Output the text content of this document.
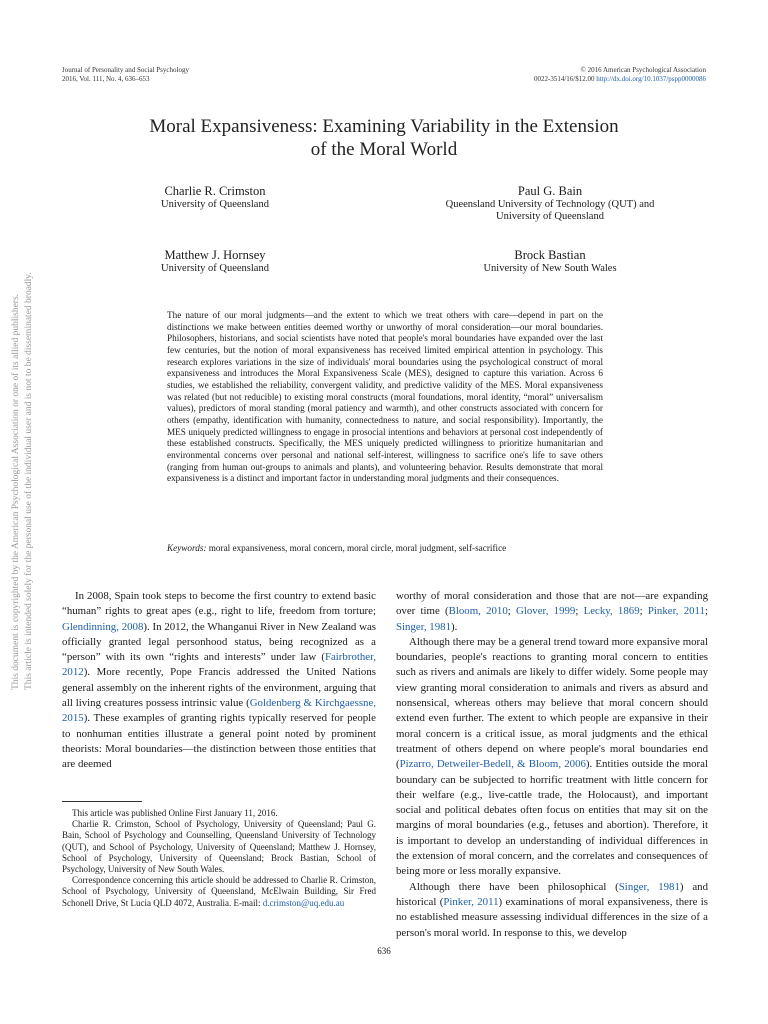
This document is copyrighted by the American Psychological Association or one of its allied publishers. This article is intended solely for the personal use of the individual user and is not to be disseminated broadly.
Journal of Personality and Social Psychology
2016, Vol. 111, No. 4, 636–653
© 2016 American Psychological Association
0022-3514/16/$12.00 http://dx.doi.org/10.1037/pspp0000086
Moral Expansiveness: Examining Variability in the Extension
of the Moral World
Charlie R. Crimston
University of Queensland
Paul G. Bain
Queensland University of Technology (QUT) and
University of Queensland
Matthew J. Hornsey
University of Queensland
Brock Bastian
University of New South Wales
The nature of our moral judgments—and the extent to which we treat others with care—depend in part on the distinctions we make between entities deemed worthy or unworthy of moral consideration—our moral boundaries. Philosophers, historians, and social scientists have noted that people's moral boundaries have expanded over the last few centuries, but the notion of moral expansiveness has received limited empirical attention in psychology. This research explores variations in the size of individuals' moral boundaries using the psychological construct of moral expansiveness and introduces the Moral Expansiveness Scale (MES), designed to capture this variation. Across 6 studies, we established the reliability, convergent validity, and predictive validity of the MES. Moral expansiveness was related (but not reducible) to existing moral constructs (moral foundations, moral identity, “moral” universalism values), predictors of moral standing (moral patiency and warmth), and other constructs associated with concern for others (empathy, identification with humanity, connectedness to nature, and social responsibility). Importantly, the MES uniquely predicted willingness to engage in prosocial intentions and behaviors at personal cost independently of these established constructs. Specifically, the MES uniquely predicted willingness to prioritize humanitarian and environmental concerns over personal and national self-interest, willingness to sacrifice one's life to save others (ranging from human out-groups to animals and plants), and volunteering behavior. Results demonstrate that moral expansiveness is a distinct and important factor in understanding moral judgments and their consequences.
Keywords: moral expansiveness, moral concern, moral circle, moral judgment, self-sacrifice

In 2008, Spain took steps to become the first country to extend basic “human” rights to great apes (e.g., right to life, freedom from torture; Glendinning, 2008). In 2012, the Whanganui River in New Zealand was officially granted legal personhood status, being recognized as a “person” with its own “rights and interests” under law (Fairbrother, 2012). More recently, Pope Francis addressed the United Nations general assembly on the inherent rights of the environment, arguing that all living creatures possess intrinsic value (Goldenberg & Kirchgaessne, 2015). These examples of granting rights typically reserved for people to nonhuman entities illustrate a general point noted by prominent theorists: Moral boundaries—the distinction between those entities that are deemed

This article was published Online First January 11, 2016.

Charlie R. Crimston, School of Psychology, University of Queensland; Paul G. Bain, School of Psychology and Counselling, Queensland University of Technology (QUT), and School of Psychology, University of Queensland; Matthew J. Hornsey, School of Psychology, University of Queensland; Brock Bastian, School of Psychology, University of New South Wales.

Correspondence concerning this article should be addressed to Charlie R. Crimston, School of Psychology, University of Queensland, McElwain Building, Sir Fred Schonell Drive, St Lucia QLD 4072, Australia. E-mail: d.crimston@uq.edu.au

worthy of moral consideration and those that are not—are expanding over time (Bloom, 2010; Glover, 1999; Lecky, 1869; Pinker, 2011; Singer, 1981).

Although there may be a general trend toward more expansive moral boundaries, people's reactions to granting moral concern to entities such as rivers and animals are likely to differ widely. Some people may view granting moral consideration to animals and rivers as absurd and nonsensical, whereas others may believe that moral concern should extend even further. The extent to which people are expansive in their moral concern is a critical issue, as moral judgments and the ethical treatment of others depend on where people's moral boundaries end (Pizarro, Detweiler-Bedell, & Bloom, 2006). Entities outside the moral boundary can be subjected to horrific treatment with little concern for their welfare (e.g., live-cattle trade, the Holocaust), and important social and political debates often focus on entities that may sit on the margins of moral boundaries (e.g., fetuses and abortion). Therefore, it is important to develop an understanding of individual differences in the extension of moral concern, and the correlates and consequences of being more or less morally expansive.

Although there have been philosophical (Singer, 1981) and historical (Pinker, 2011) examinations of moral expansiveness, there is no established measure assessing individual differences in the size of a person's moral world. In response to this, we develop

636
